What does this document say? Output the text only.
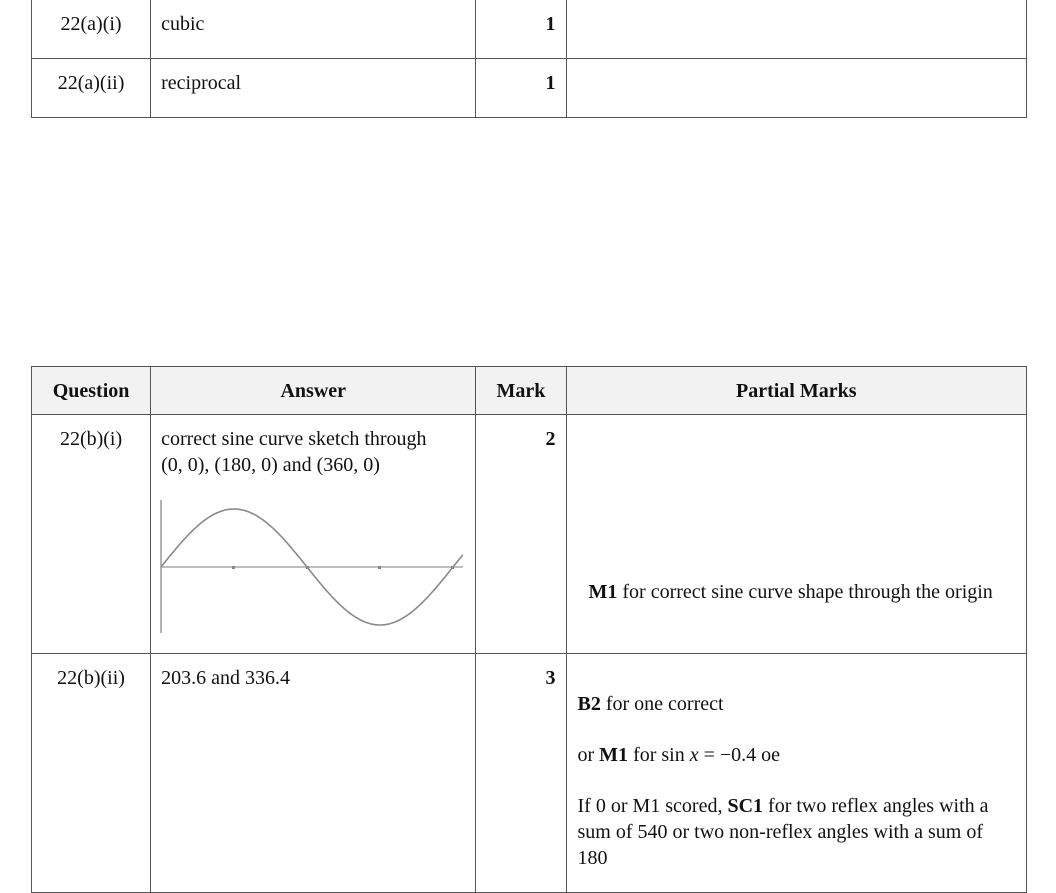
22(a)(i)	cubic	1	
22(a)(ii)	reciprocal	1	
Question	Answer	Mark	Partial Marks
22(b)(i)	correct sine curve sketch through
(0, 0), (180, 0) and (360, 0)	2	M1 for correct sine curve shape through the origin

22(b)(ii)	203.6 and 336.4	3	B2 for one correct

or M1 for sin x = −0.4 oe

If 0 or M1 scored, SC1 for two reflex angles with a sum of 540 or two non-reflex angles with a sum of 180
